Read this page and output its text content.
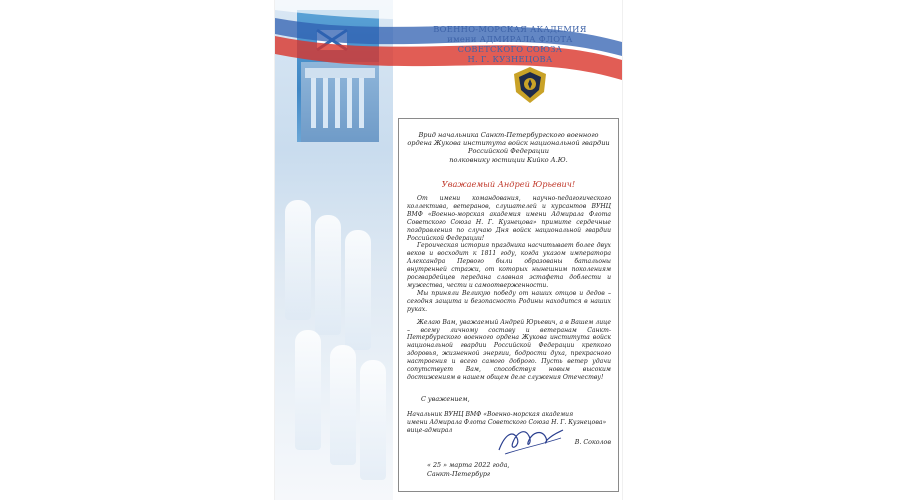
ВОЕННО-МОРСКАЯ АКАДЕМИЯ
имени АДМИРАЛА ФЛОТА
СОВЕТСКОГО СОЮЗА
Н. Г. КУЗНЕЦОВА
Врид начальника Санкт-Петербургского военного
ордена Жукова института войск национальной гвардии
Российской Федерации
полковнику юстиции Кийко А.Ю.
Уважаемый Андрей Юрьевич!

От имени командования, научно-педагогического коллектива, ветеранов, слушателей и курсантов ВУНЦ ВМФ «Военно-морская академия имени Адмирала Флота Советского Союза Н. Г. Кузнецова» примите сердечные поздравления по случаю Дня войск национальной гвардии Российской Федерации!

Героическая история праздника насчитывает более двух веков и восходит к 1811 году, когда указом императора Александра Первого были образованы батальоны внутренней стражи, от которых нынешним поколениям росгвардейцев передана славная эстафета доблести и мужества, чести и самоотверженности.

Мы приняли Великую победу от наших отцов и дедов – сегодня защита и безопасность Родины находится в наших руках.

Желаю Вам, уважаемый Андрей Юрьевич, а в Вашем лице – всему личному составу и ветеранам Санкт-Петербургского военного ордена Жукова института войск национальной гвардии Российской Федерации крепкого здоровья, жизненной энергии, бодрости духа, прекрасного настроения и всего самого доброго. Пусть ветер удачи сопутствует Вам, способствуя новым высоким достижениям в нашем общем деле служения Отечеству!

С уважением,
Начальник ВУНЦ ВМФ «Военно-морская академия
имени Адмирала Флота Советского Союза Н. Г. Кузнецова»
вице-адмирал
В. Соколов
« 25 » марта 2022 года,
Санкт-Петербург
